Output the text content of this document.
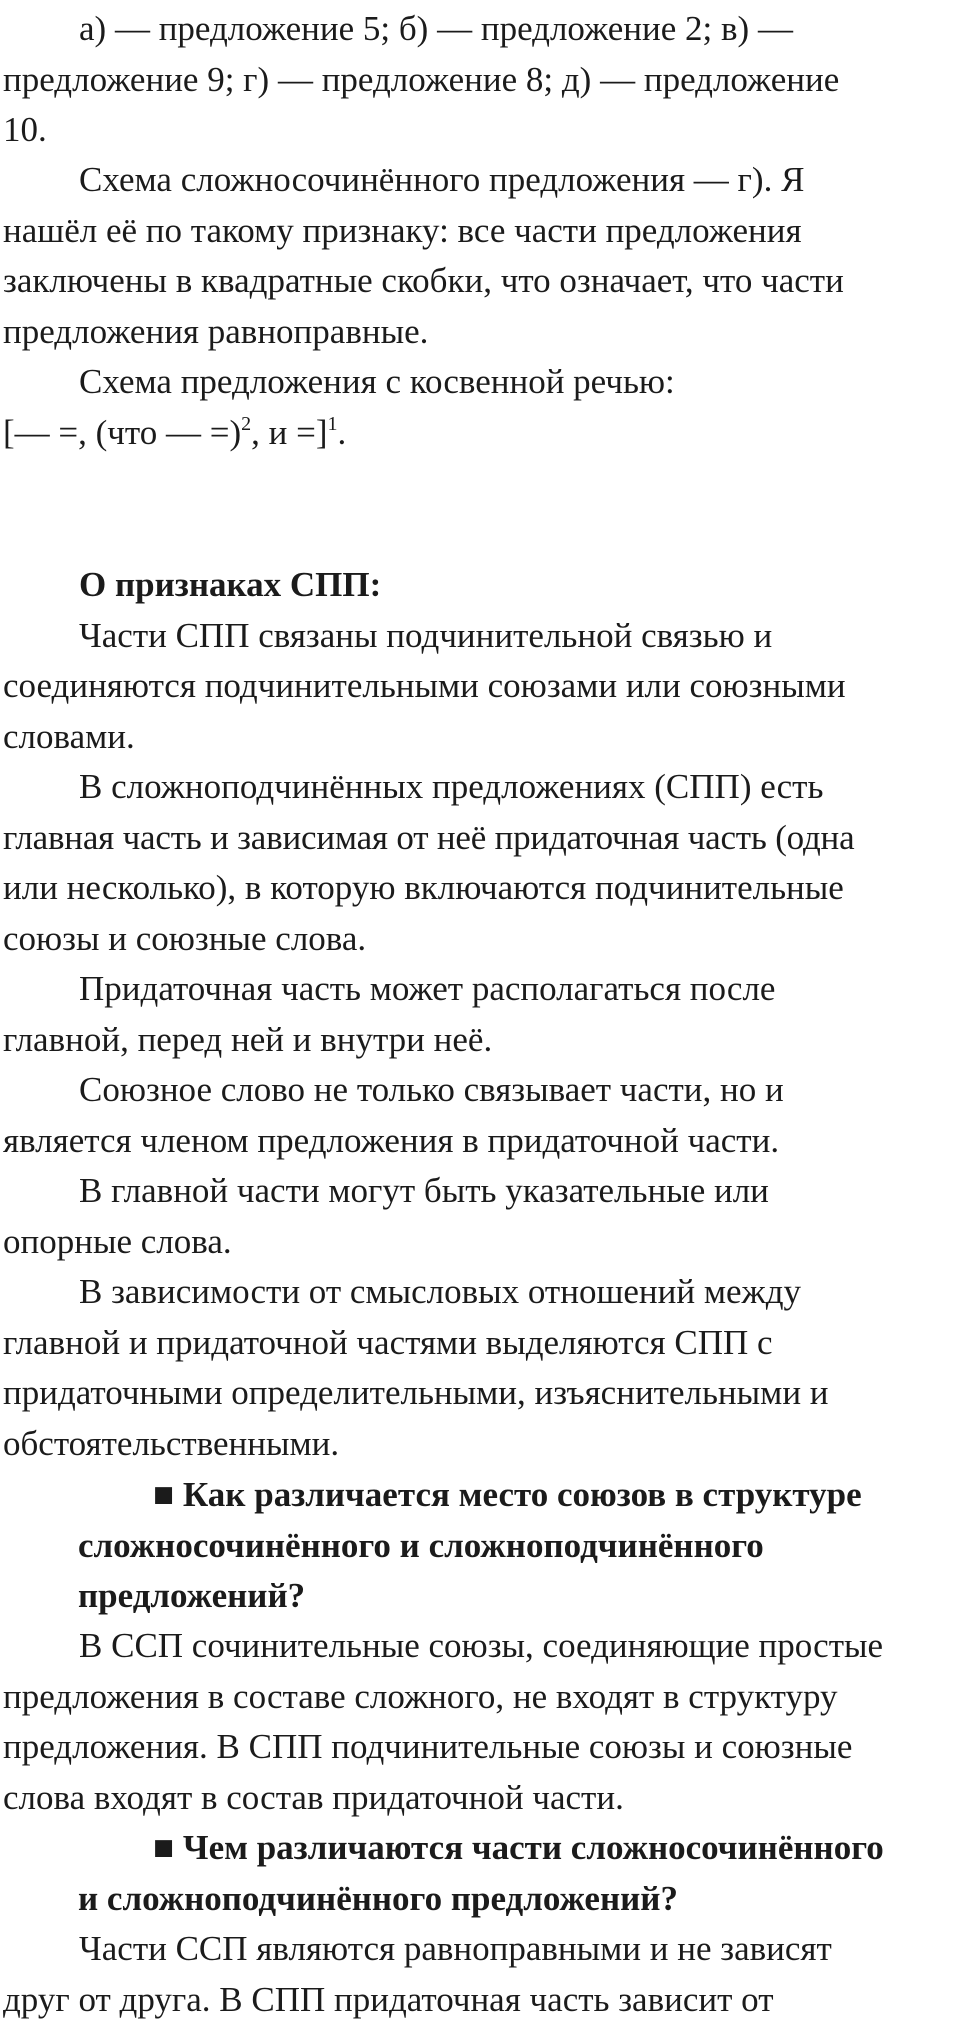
а) — предложение 5; б) — предложение 2; в) —
предложение 9; г) — предложение 8; д) — предложение
10.
Схема сложносочинённого предложения — г). Я
нашёл её по такому признаку: все части предложения
заключены в квадратные скобки, что означает, что части
предложения равноправные.
Схема предложения с косвенной речью:
[— =, (что — =)$^2$, и =]$^1$.
О признаках СПП:
Части СПП связаны подчинительной связью и
соединяются подчинительными союзами или союзными
словами.
В сложноподчинённых предложениях (СПП) есть
главная часть и зависимая от неё придаточная часть (одна
или несколько), в которую включаются подчинительные
союзы и союзные слова.
Придаточная часть может располагаться после
главной, перед ней и внутри неё.
Союзное слово не только связывает части, но и
является членом предложения в придаточной части.
В главной части могут быть указательные или
опорные слова.
В зависимости от смысловых отношений между
главной и придаточной частями выделяются СПП с
придаточными определительными, изъяснительными и
обстоятельственными.
■ Как различается место союзов в структуре
сложносочинённого и сложноподчинённого
предложений?
В ССП сочинительные союзы, соединяющие простые
предложения в составе сложного, не входят в структуру
предложения. В СПП подчинительные союзы и союзные
слова входят в состав придаточной части.
■ Чем различаются части сложносочинённого
и сложноподчинённого предложений?
Части ССП являются равноправными и не зависят
друг от друга. В СПП придаточная часть зависит от
